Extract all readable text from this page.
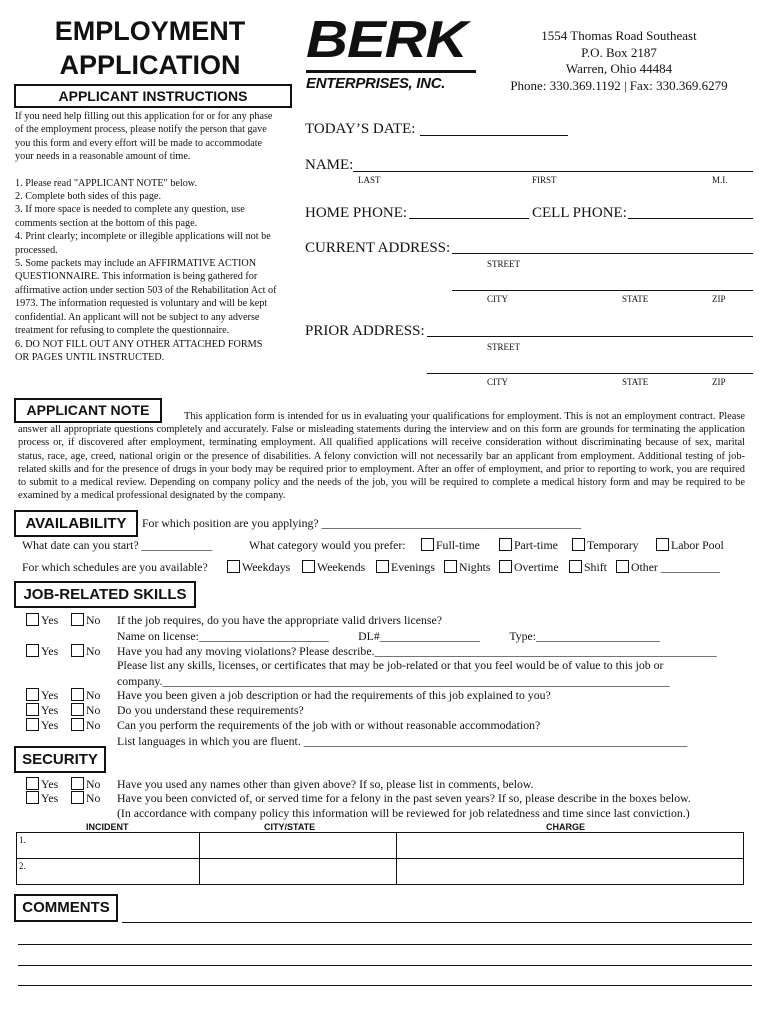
EMPLOYMENT
APPLICATION
APPLICANT INSTRUCTIONS
BERK
ENTERPRISES, INC.
1554 Thomas Road Southeast
P.O. Box 2187
Warren, Ohio 44484
Phone: 330.369.1192 | Fax: 330.369.6279
If you need help filling out this application for or for any phase of the employment process, please notify the person that gave you this form and every effort will be made to accommodate your needs in a reasonable amount of time.
1. Please read "APPLICANT NOTE" below.
2. Complete both sides of this page.
3. If more space is needed to complete any question, use comments section at the bottom of this page.
4. Print clearly; incomplete or illegible applications will not be processed.
5. Some packets may include an AFFIRMATIVE ACTION QUESTIONNAIRE. This information is being gathered for affirmative action under section 503 of the Rehabilitation Act of 1973. The information requested is voluntary and will be kept confidential. An applicant will not be subject to any adverse treatment for refusing to complete the questionnaire.
6. DO NOT FILL OUT ANY OTHER ATTACHED FORMS OR PAGES UNTIL INSTRUCTED.
TODAY’S DATE:
NAME:
LAST	FIRST	M.I.
HOME PHONE:	CELL PHONE:
CURRENT ADDRESS:
STREET
CITY	STATE	ZIP
PRIOR ADDRESS:
STREET
CITY	STATE	ZIP
APPLICANT NOTE	This application form is intended for us in evaluating your qualifications for employment. This is not an employment contract. Please answer all appropriate questions completely and accurately. False or misleading statements during the interview and on this form are grounds for terminating the application process or, if discovered after employment, terminating employment. All qualified applications will receive consideration without discriminating because of sex, marital status, race, age, creed, national origin or the presence of disabilities. A felony conviction will not necessarily bar an applicant from employment. Additional testing of job-related skills and for the presence of drugs in your body may be required prior to employment. After an offer of employment, and prior to reporting to work, you are required to submit to a medical review. Depending on company policy and the needs of the job, you will be required to complete a medical history form and may be required to be examined by a medical professional designated by the company.
AVAILABILITY	For which position are you applying? ____________________________________________
What date can you start? ____________	What category would you prefer:	Full-time	Part-time	Temporary	Labor Pool
For which schedules are you available?	Weekdays	Weekends	Evenings	Nights	Overtime	Shift	Other __________
JOB-RELATED SKILLS
Yes	No If the job requires, do you have the appropriate valid drivers license?
Name on license:______________________          DL#_________________          Type:_____________________
Yes	No Have you had any moving violations? Please describe.__________________________________________________________
Please list any skills, licenses, or certificates that may be job-related or that you feel would be of value to this job or
company.______________________________________________________________________________________
Yes	No Have you been given a job description or had the requirements of this job explained to you?
Yes	No Do you understand these requirements?
Yes	No Can you perform the requirements of the job with or without reasonable accommodation?
List languages in which you are fluent. _________________________________________________________________
SECURITY
Yes	No Have you used any names other than given above? If so, please list in comments, below.
Yes	No Have you been convicted of, or served time for a felony in the past seven years? If so, please describe in the boxes below.
(In accordance with company policy this information will be reviewed for job relatedness and time since last conviction.)
INCIDENT	CITY/STATE	CHARGE
1.		
2.		
COMMENTS
